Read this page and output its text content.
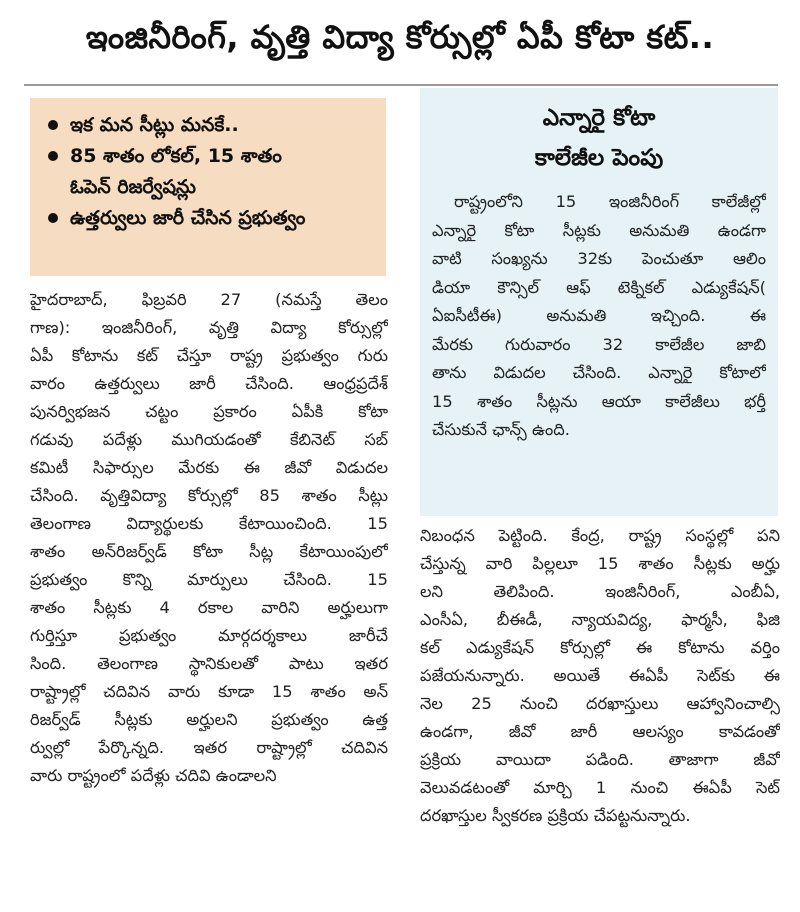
ఇంజినీరింగ్, వృత్తి విద్యా కోర్సుల్లో ఏపీ కోటా కట్..
ఇక మన సీట్లు మనకే..
85 శాతం లోకల్, 15 శాతం
ఓపెన్ రిజర్వేషన్లు
ఉత్తర్వులు జారీ చేసిన ప్రభుత్వం

హైదరాబాద్, ఫిబ్రవరి 27 (నమస్తే తెలం

గాణ): ఇంజినీరింగ్, వృత్తి విద్యా కోర్సుల్లో

ఏపీ కోటాను కట్ చేస్తూ రాష్ట్ర ప్రభుత్వం గురు

వారం ఉత్తర్వులు జారీ చేసింది. ఆంధ్రప్రదేశ్

పునర్విభజన చట్టం ప్రకారం ఏపీకి కోటా

గడువు పదేళ్లు ముగియడంతో కేబినెట్ సబ్

కమిటీ సిఫార్సుల మేరకు ఈ జీవో విడుదల

చేసింది. వృత్తివిద్యా కోర్సుల్లో 85 శాతం సీట్లు

తెలంగాణ విద్యార్థులకు కేటాయించింది. 15

శాతం అన్‌రిజర్వ్‌డ్ కోటా సీట్ల కేటాయింపులో

ప్రభుత్వం కొన్ని మార్పులు చేసింది. 15

శాతం సీట్లకు 4 రకాల వారిని అర్హులుగా

గుర్తిస్తూ ప్రభుత్వం మార్గదర్శకాలు జారీచే

సింది. తెలంగాణ స్థానికులతో పాటు ఇతర

రాష్ట్రాల్లో చదివిన వారు కూడా 15 శాతం అన్

రిజర్వ్‌డ్ సీట్లకు అర్హులని ప్రభుత్వం ఉత్త

ర్వుల్లో పేర్కొన్నది. ఇతర రాష్ట్రాల్లో చదివిన

వారు రాష్ట్రంలో పదేళ్లు చదివి ఉండాలని

ఎన్నారై కోటా
కాలేజీల పెంపు

రాష్ట్రంలోని 15 ఇంజినీరింగ్ కాలేజీల్లో

ఎన్నారై కోటా సీట్లకు అనుమతి ఉండగా

వాటి సంఖ్యను 32కు పెంచుతూ ఆలిం

డియా కౌన్సిల్ ఆఫ్ టెక్నికల్ ఎడ్యుకేషన్(

ఏఐసీటీఈ) అనుమతి ఇచ్చింది. ఈ

మేరకు గురువారం 32 కాలేజీల జాబి

తాను విడుదల చేసింది. ఎన్నారై కోటాలో

15 శాతం సీట్లను ఆయా కాలేజీలు భర్తీ

చేసుకునే ఛాన్స్ ఉంది.

నిబంధన పెట్టింది. కేంద్ర, రాష్ట్ర సంస్థల్లో పని

చేస్తున్న వారి పిల్లలూ 15 శాతం సీట్లకు అర్హు

లని తెలిపింది. ఇంజినీరింగ్, ఎంబీఏ,

ఎంసీఏ, బీఈడీ, న్యాయవిద్య, ఫార్మసీ, ఫిజి

కల్ ఎడ్యుకేషన్ కోర్సుల్లో ఈ కోటాను వర్తిం

పజేయనున్నారు. అయితే ఈఏపీ సెట్‌కు ఈ

నెల 25 నుంచి దరఖాస్తులు ఆహ్వానించాల్సి

ఉండగా, జీవో జారీ ఆలస్యం కావడంతో

ప్రక్రియ వాయిదా పడింది. తాజాగా జీవో

వెలువడటంతో మార్చి 1 నుంచి ఈఏపీ సెట్

దరఖాస్తుల స్వీకరణ ప్రక్రియ చేపట్టనున్నారు.
